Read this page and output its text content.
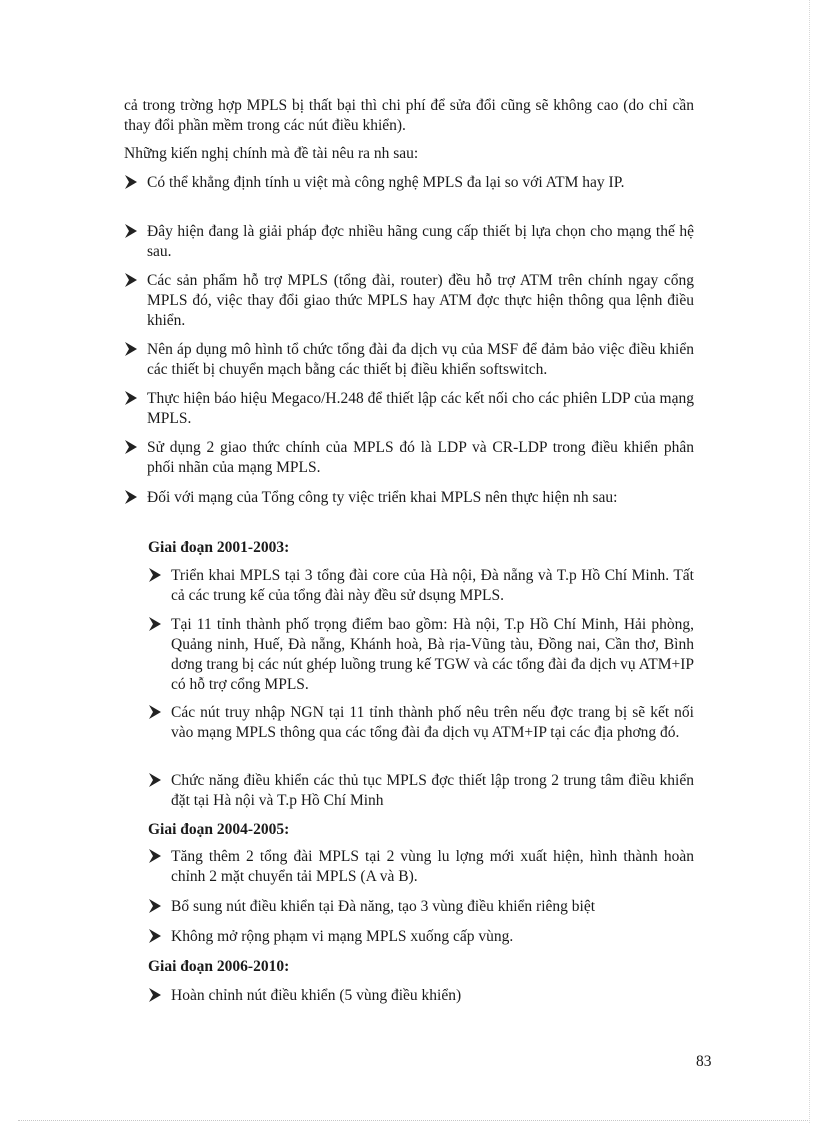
cả trong trờng hợp MPLS bị thất bại thì chi phí để sửa đổi cũng sẽ không cao (do chỉ cần thay đổi phần mềm trong các nút điều khiển).

Những kiến nghị chính mà đề tài nêu ra nh sau:

Có thể khẳng định tính u việt mà công nghệ MPLS đa lại so với ATM hay IP.
Đây hiện đang là giải pháp đợc nhiều hãng cung cấp thiết bị lựa chọn cho mạng thế hệ sau.
Các sản phẩm hỗ trợ MPLS (tổng đài, router) đều hỗ trợ ATM trên chính ngay cổng MPLS đó, việc thay đổi giao thức MPLS hay ATM đợc thực hiện thông qua lệnh điều khiển.
Nên áp dụng mô hình tổ chức tổng đài đa dịch vụ của MSF để đảm bảo việc điều khiển các thiết bị chuyển mạch bằng các thiết bị điều khiển softswitch.
Thực hiện báo hiệu Megaco/H.248 để thiết lập các kết nối cho các phiên LDP của mạng MPLS.
Sử dụng 2 giao thức chính của MPLS đó là LDP và CR-LDP trong điều khiển phân phối nhãn của mạng MPLS.
Đối với mạng của Tổng công ty việc triển khai MPLS nên thực hiện nh sau:
Giai đoạn 2001-2003:
Triển khai MPLS tại 3 tổng đài core của Hà nội, Đà nẵng và T.p Hồ Chí Minh. Tất cả các trung kế của tổng đài này đều sử dsụng MPLS.
Tại 11 tỉnh thành phố trọng điểm bao gồm: Hà nội, T.p Hồ Chí Minh, Hải phòng, Quảng ninh, Huế, Đà nẵng, Khánh hoà, Bà rịa-Vũng tàu, Đồng nai, Cần thơ, Bình dơng trang bị các nút ghép luồng trung kế TGW và các tổng đài đa dịch vụ ATM+IP có hỗ trợ cổng MPLS.
Các nút truy nhập NGN tại 11 tỉnh thành phố nêu trên nếu đợc trang bị sẽ kết nối vào mạng MPLS thông qua các tổng đài đa dịch vụ ATM+IP tại các địa phơng đó.
Chức năng điều khiển các thủ tục MPLS đợc thiết lập trong 2 trung tâm điều khiển đặt tại Hà nội và T.p Hồ Chí Minh
Giai đoạn 2004-2005:
Tăng thêm 2 tổng đài MPLS tại 2 vùng lu lợng mới xuất hiện, hình thành hoàn chỉnh 2 mặt chuyển tải MPLS (A và B).
Bổ sung nút điều khiển tại Đà năng, tạo 3 vùng điều khiển riêng biệt
Không mở rộng phạm vi mạng MPLS xuống cấp vùng.
Giai đoạn 2006-2010:
Hoàn chỉnh nút điều khiển (5 vùng điều khiển)
83
